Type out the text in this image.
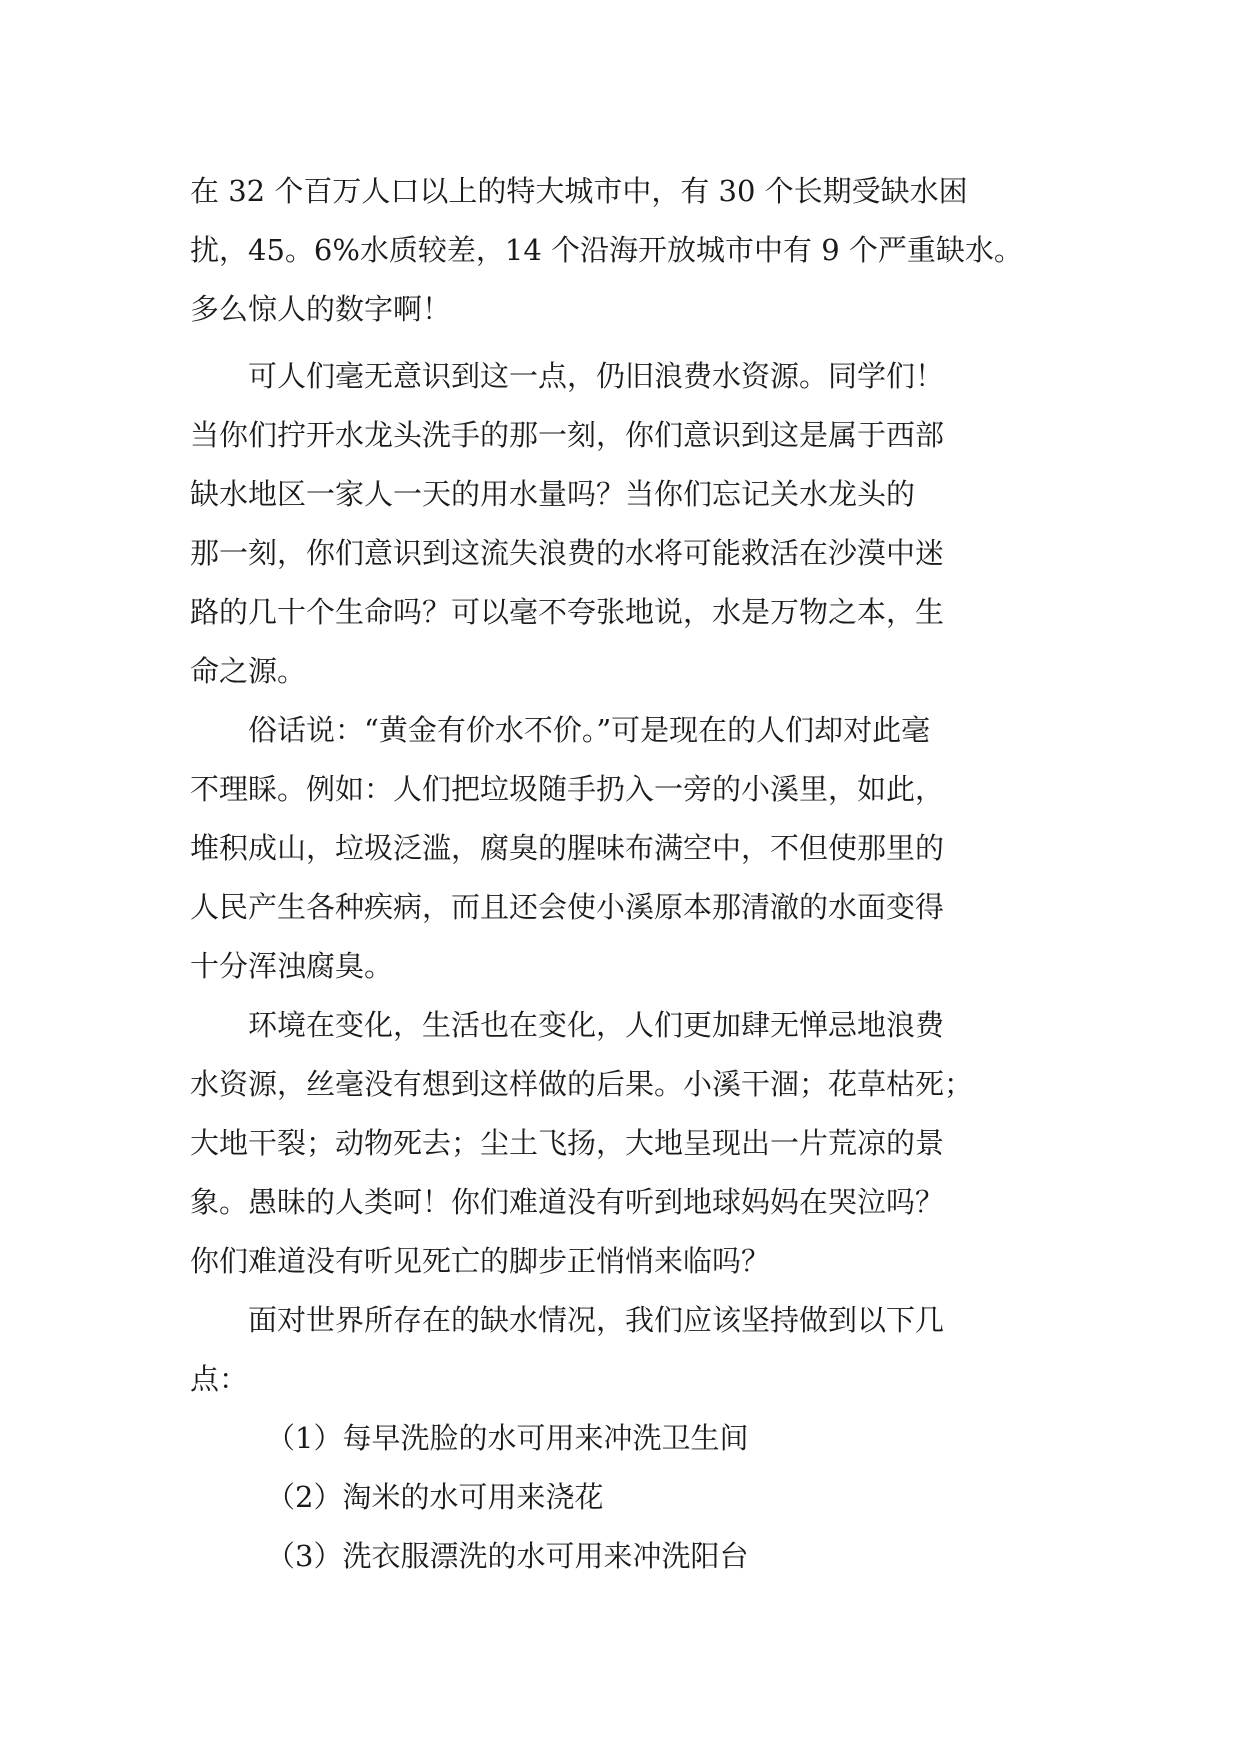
在 32 个百万人口以上的特大城市中，有 30 个长期受缺水困
扰，45。6%水质较差，14 个沿海开放城市中有 9 个严重缺水。
多么惊人的数字啊！
可人们毫无意识到这一点，仍旧浪费水资源。同学们！
当你们拧开水龙头洗手的那一刻，你们意识到这是属于西部
缺水地区一家人一天的用水量吗？当你们忘记关水龙头的
那一刻，你们意识到这流失浪费的水将可能救活在沙漠中迷
路的几十个生命吗？可以毫不夸张地说，水是万物之本，生
命之源。
俗话说：“黄金有价水不价。”可是现在的人们却对此毫
不理睬。例如：人们把垃圾随手扔入一旁的小溪里，如此，
堆积成山，垃圾泛滥，腐臭的腥味布满空中，不但使那里的
人民产生各种疾病，而且还会使小溪原本那清澈的水面变得
十分浑浊腐臭。
环境在变化，生活也在变化，人们更加肆无惮忌地浪费
水资源，丝毫没有想到这样做的后果。小溪干涸；花草枯死；
大地干裂；动物死去；尘土飞扬，大地呈现出一片荒凉的景
象。愚昧的人类呵！你们难道没有听到地球妈妈在哭泣吗？
你们难道没有听见死亡的脚步正悄悄来临吗？
面对世界所存在的缺水情况，我们应该坚持做到以下几
点：
（1）每早洗脸的水可用来冲洗卫生间
（2）淘米的水可用来浇花
（3）洗衣服漂洗的水可用来冲洗阳台
